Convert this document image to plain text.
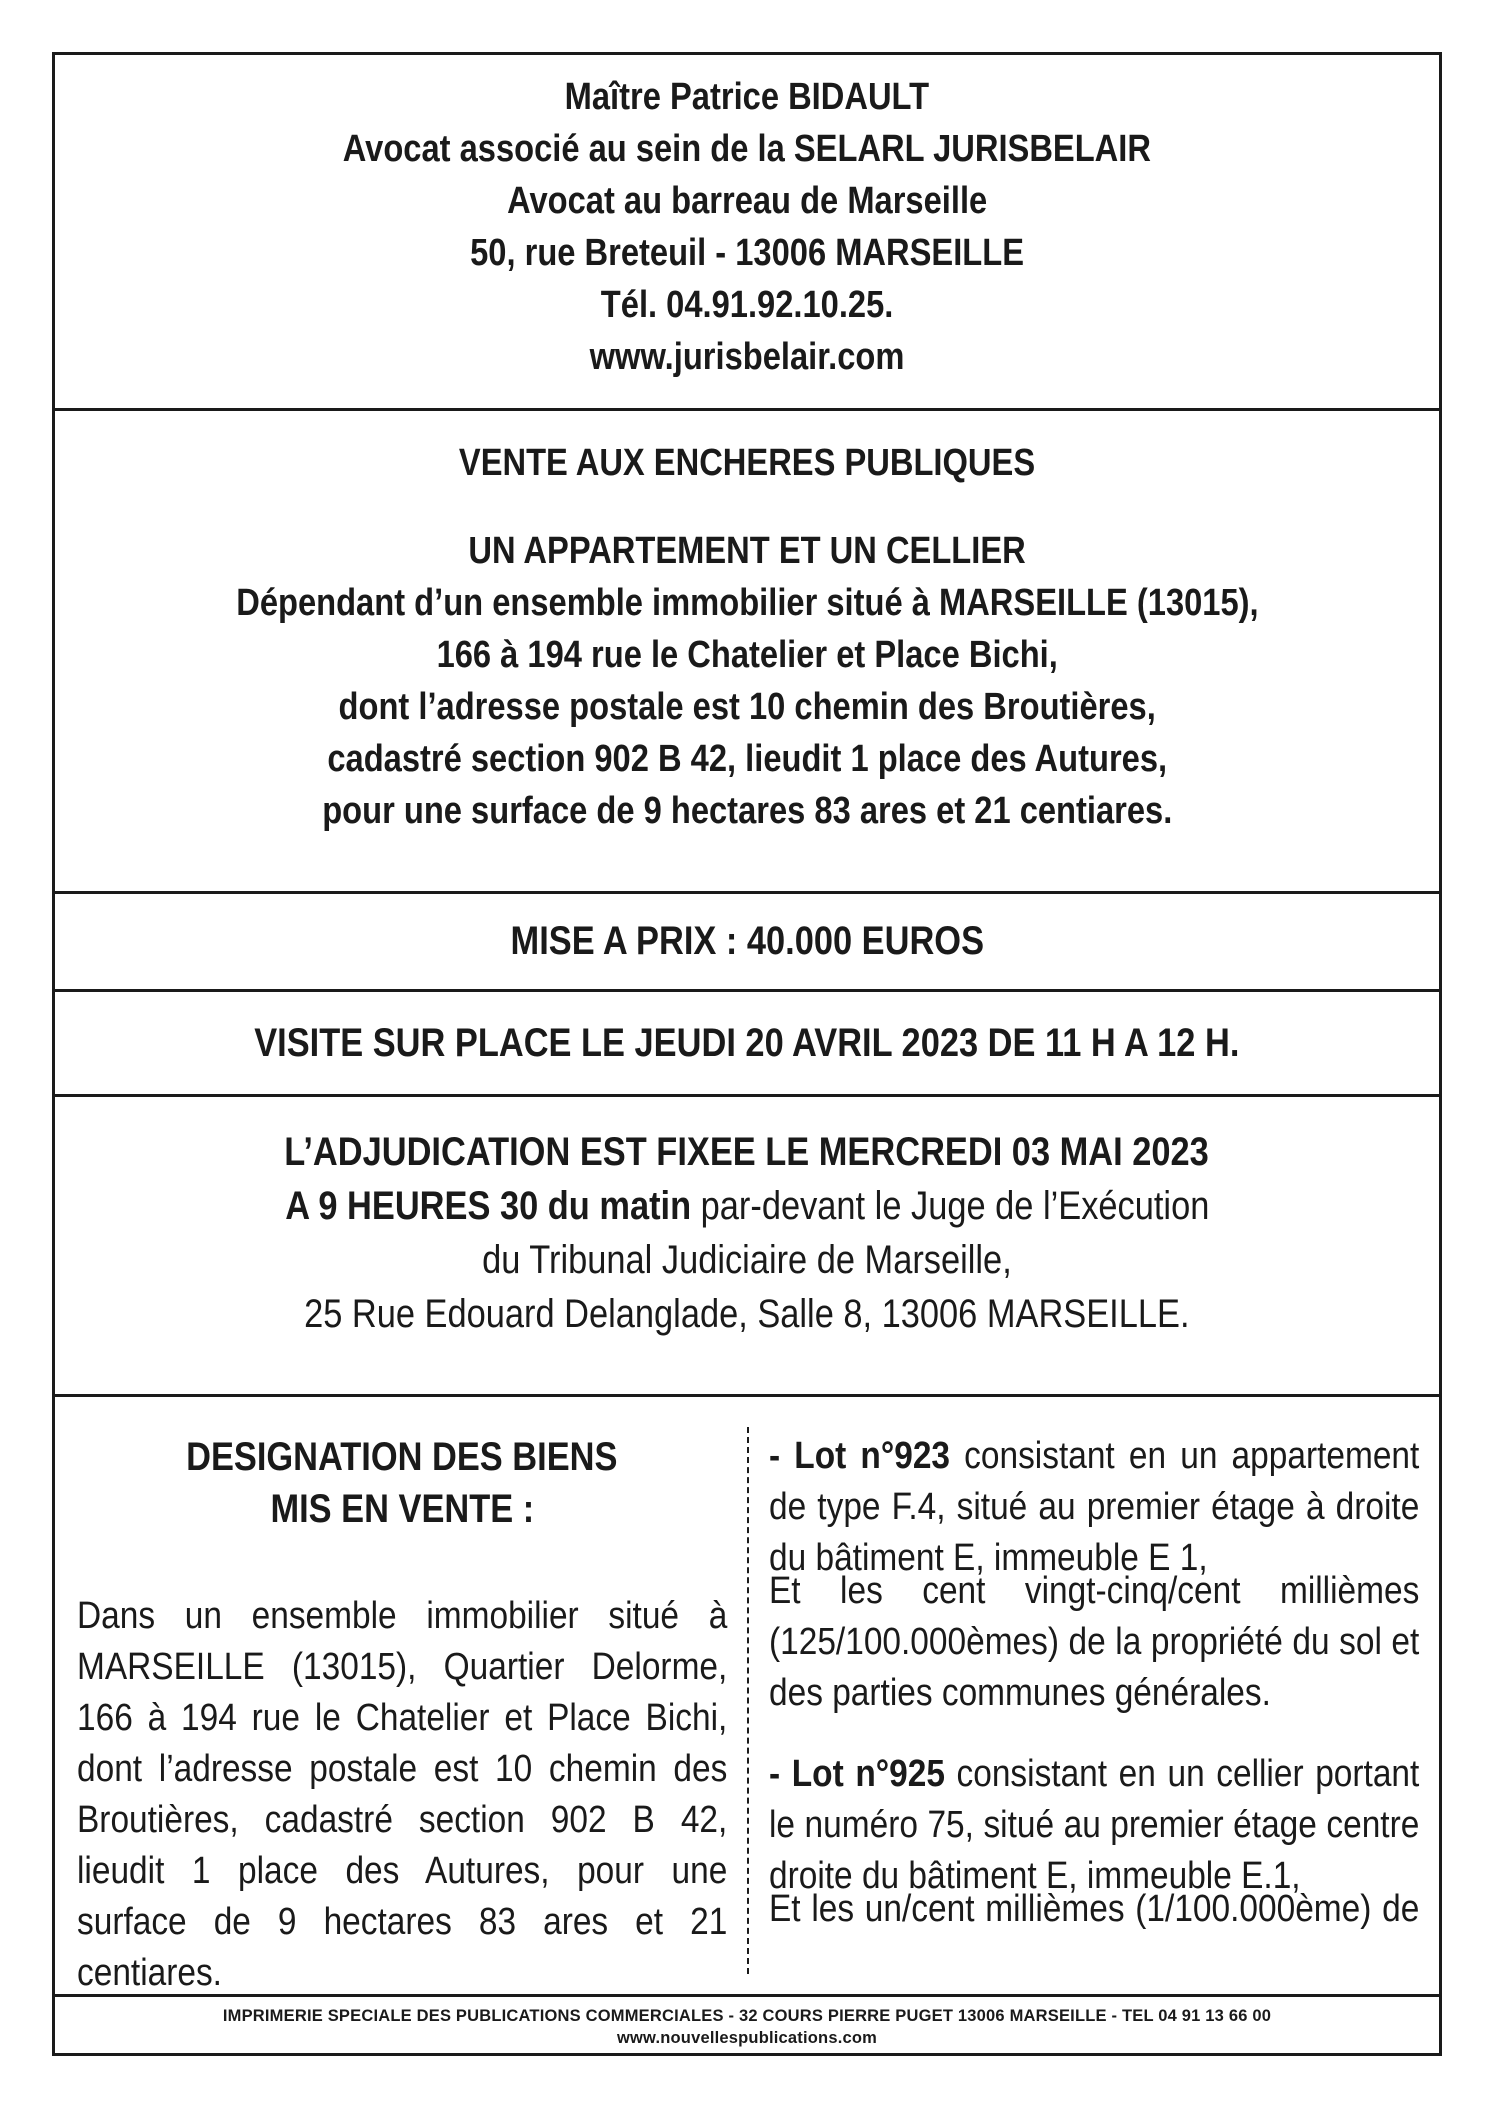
Maître Patrice BIDAULT
Avocat associé au sein de la SELARL JURISBELAIR
Avocat au barreau de Marseille
50, rue Breteuil - 13006 MARSEILLE
Tél. 04.91.92.10.25.
www.jurisbelair.com
VENTE AUX ENCHERES PUBLIQUES
UN APPARTEMENT ET UN CELLIER
Dépendant d’un ensemble immobilier situé à MARSEILLE (13015),
166 à 194 rue le Chatelier et Place Bichi,
dont l’adresse postale est 10 chemin des Broutières,
cadastré section 902 B 42, lieudit 1 place des Autures,
pour une surface de 9 hectares 83 ares et 21 centiares.
MISE A PRIX : 40.000 EUROS
VISITE SUR PLACE LE JEUDI 20 AVRIL 2023 DE 11 H A 12 H.
L’ADJUDICATION EST FIXEE LE MERCREDI 03 MAI 2023
A 9 HEURES 30 du matin par-devant le Juge de l’Exécution
du Tribunal Judiciaire de Marseille,
25 Rue Edouard Delanglade, Salle 8, 13006 MARSEILLE.
DESIGNATION DES BIENS
MIS EN VENTE :
Dans un ensemble immobilier situé à MARSEILLE (13015), Quartier Delorme, 166 à 194 rue le Chatelier et Place Bichi, dont l’adresse postale est 10 chemin des Broutières, cadastré section 902 B 42, lieudit 1 place des Autures, pour une surface de 9 hectares 83 ares et 21 centiares.
- Lot n°923 consistant en un appartement de type F.4, situé au premier étage à droite du bâtiment E, immeuble E 1,
Et les cent vingt-cinq/cent millièmes (125/100.000èmes) de la propriété du sol et des parties communes générales.
- Lot n°925 consistant en un cellier portant le numéro 75, situé au premier étage centre droite du bâtiment E, immeuble E.1,
Et les un/cent millièmes (1/100.000ème) de
IMPRIMERIE SPECIALE DES PUBLICATIONS COMMERCIALES - 32 COURS PIERRE PUGET 13006 MARSEILLE - TEL 04 91 13 66 00
www.nouvellespublications.com
